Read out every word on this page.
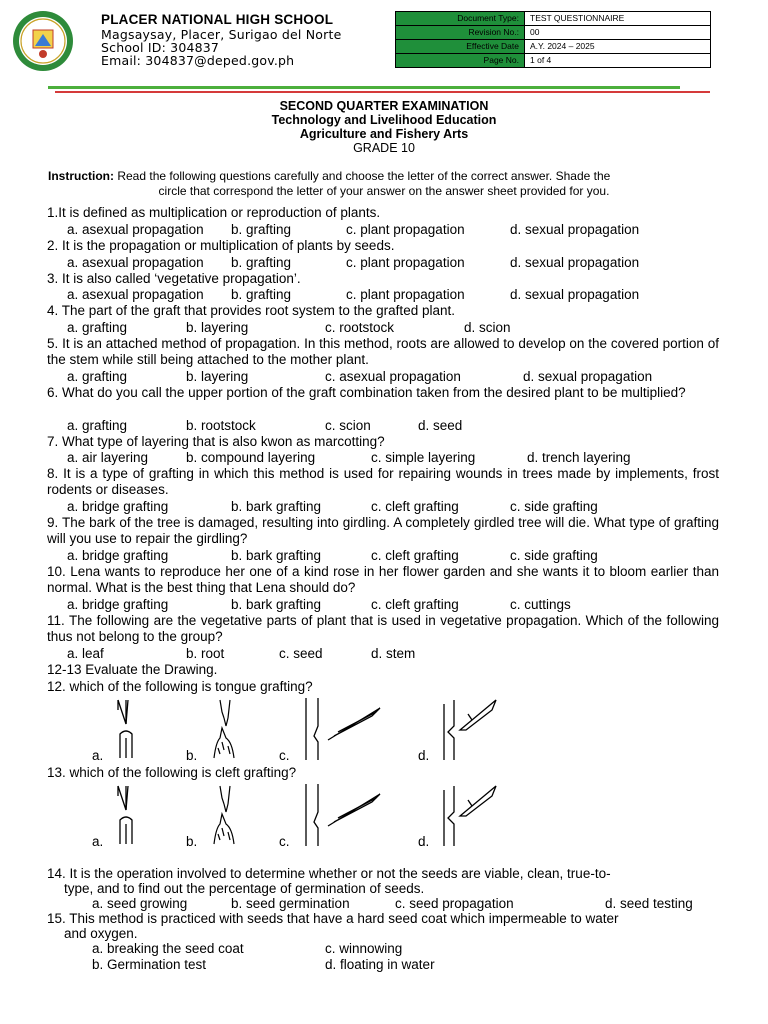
PLACER NATIONAL HIGH SCHOOL
Magsaysay, Placer, Surigao del Norte
School ID: 304837
Email: 304837@deped.gov.ph
Document Type:	TEST QUESTIONNAIRE
Revision No.:	00
Effective Date	A.Y. 2024 – 2025
Page No.	1 of 4
SECOND QUARTER EXAMINATION
Technology and Livelihood Education
Agriculture and Fishery Arts
GRADE 10
Instruction: Read the following questions carefully and choose the letter of the correct answer. Shade the
circle that correspond the letter of your answer on the answer sheet provided for you.
1.It is defined as multiplication or reproduction of plants.
a. asexual propagation b. grafting	c. plant propagation	d. sexual propagation
2. It is the propagation or multiplication of plants by seeds.
a. asexual propagation b. grafting	c. plant propagation	d. sexual propagation
3. It is also called ‘vegetative propagation’.
a. asexual propagation b. grafting	c. plant propagation	d. sexual propagation
4. The part of the graft that provides root system to the grafted plant.
a. grafting	b. layering	c. rootstock	d. scion
5. It is an attached method of propagation. In this method, roots are allowed to develop on the covered portion of the stem while still being attached to the mother plant.
a. grafting	b. layering	c. asexual propagation	d. sexual propagation
6. What do you call the upper portion of the graft combination taken from the desired plant to be multiplied?
a. grafting	b. rootstock	c. scion	d. seed
7. What type of layering that is also kwon as marcotting?
a. air layering	b. compound layering	c. simple layering	d. trench layering
8. It is a type of grafting in which this method is used for repairing wounds in trees made by implements, frost rodents or diseases.
a. bridge grafting	b. bark grafting	c. cleft grafting	c. side grafting
9. The bark of the tree is damaged, resulting into girdling. A completely girdled tree will die. What type of grafting will you use to repair the girdling?
a. bridge grafting	b. bark grafting	c. cleft grafting	c. side grafting
10. Lena wants to reproduce her one of a kind rose in her flower garden and she wants it to bloom earlier than normal. What is the best thing that Lena should do?
a. bridge grafting	b. bark grafting	c. cleft grafting	c. cuttings
11. The following are the vegetative parts of plant that is used in vegetative propagation. Which of the following thus not belong to the group?
a. leaf	b. root	c. seed	d. stem
12-13 Evaluate the Drawing.
12. which of the following is tongue grafting?
a.	b.	c.	d.
13. which of the following is cleft grafting?
a.	b.	c.	d.
14. It is the operation involved to determine whether or not the seeds are viable, clean, true-to-
type, and to find out the percentage of germination of seeds.
a. seed growing	b. seed germination	c. seed propagation	d. seed testing
15. This method is practiced with seeds that have a hard seed coat which impermeable to water
and oxygen.
a. breaking the seed coat	c. winnowing
b. Germination test	d. floating in water
